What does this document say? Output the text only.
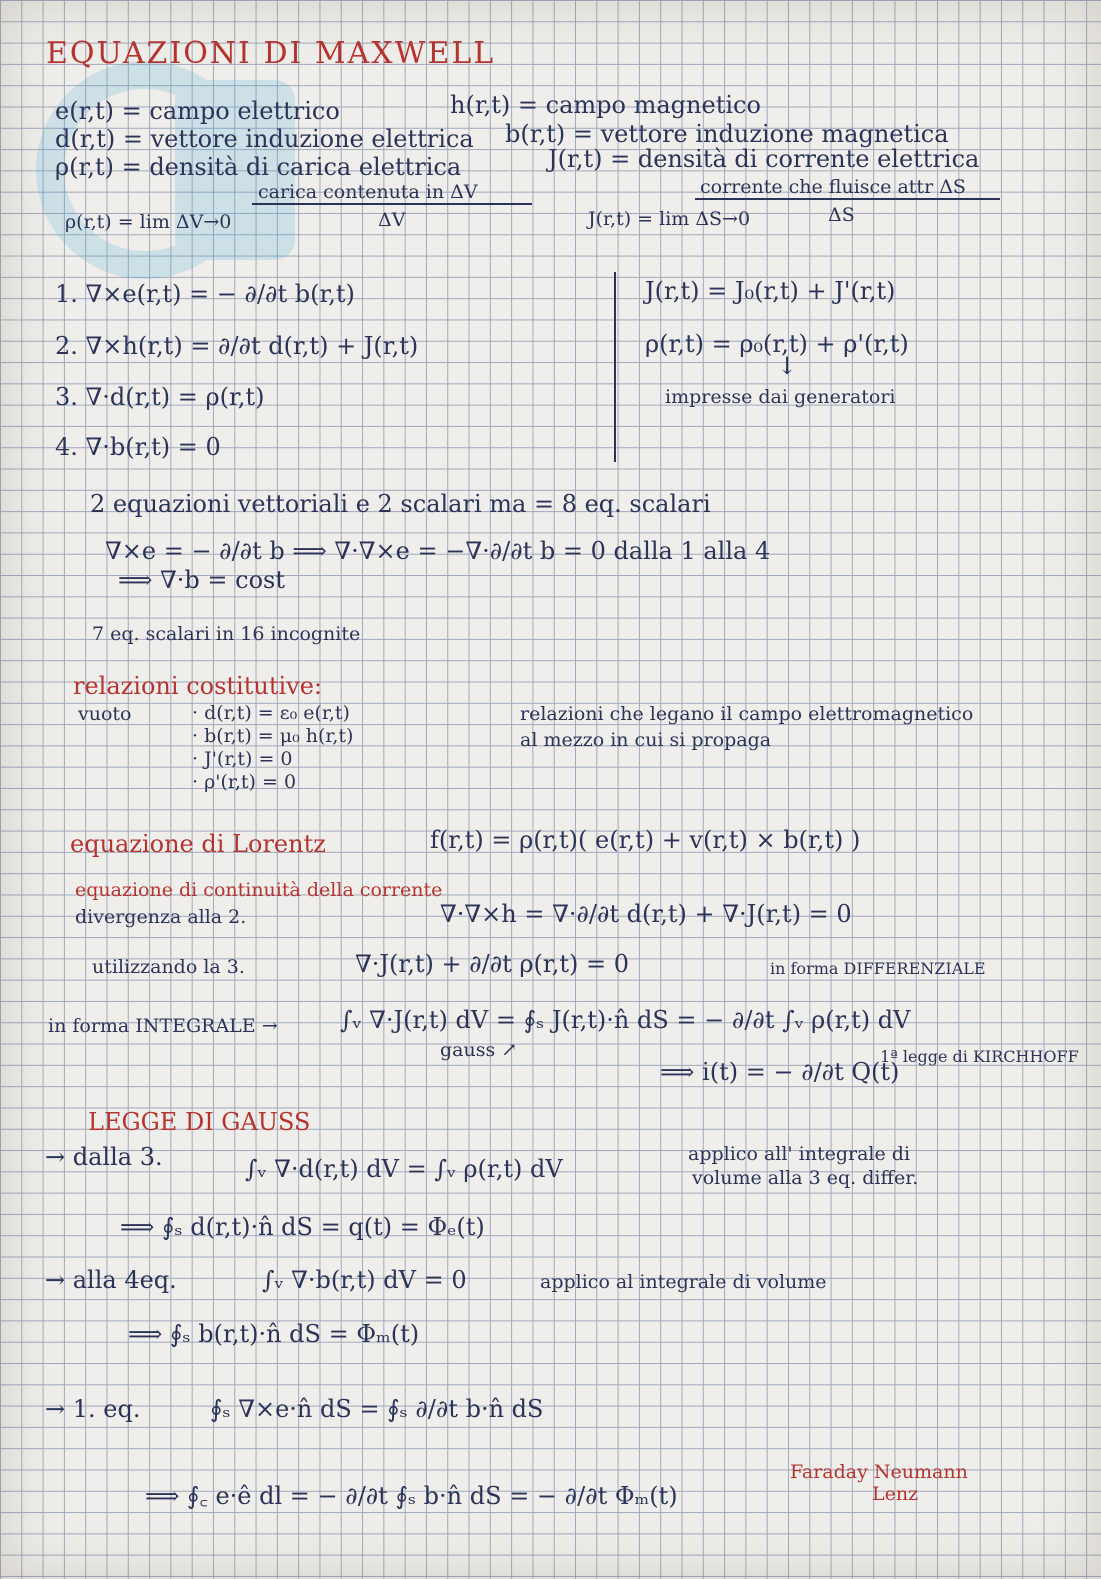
EQUAZIONI DI MAXWELL
e(r,t) = campo elettrico	h(r,t) = campo magnetico
d(r,t) = vettore induzione elettrica b(r,t) = vettore induzione magnetica
ρ(r,t) = densità di carica elettrica	J(r,t) = densità di corrente elettrica
ρ(r,t) = lim ΔV→0
carica contenuta in ΔV
ΔV	J(r,t) = lim ΔS→0
corrente che fluisce attr ΔS
ΔS
1. ∇×e(r,t) = − ∂/∂t b(r,t)
2. ∇×h(r,t) = ∂/∂t d(r,t) + J(r,t)
3. ∇·d(r,t) = ρ(r,t)
4. ∇·b(r,t) = 0
J(r,t) = J₀(r,t) + J'(r,t)
ρ(r,t) = ρ₀(r,t) + ρ'(r,t)
↓
impresse dai generatori
2 equazioni vettoriali e 2 scalari ma = 8 eq. scalari
∇×e = − ∂/∂t b ⟹ ∇·∇×e = −∇·∂/∂t b = 0 dalla 1 alla 4
⟹ ∇·b = cost
7 eq. scalari in 16 incognite
relazioni costitutive:
vuoto	· d(r,t) = ε₀ e(r,t)
· b(r,t) = μ₀ h(r,t)
· J'(r,t) = 0
· ρ'(r,t) = 0
relazioni che legano il campo elettromagnetico
al mezzo in cui si propaga
equazione di Lorentz	f(r,t) = ρ(r,t)( e(r,t) + v(r,t) × b(r,t) )
equazione di continuità della corrente
divergenza alla 2.	∇·∇×h = ∇·∂/∂t d(r,t) + ∇·J(r,t) = 0
utilizzando la 3.	∇·J(r,t) + ∂/∂t ρ(r,t) = 0	in forma DIFFERENZIALE
in forma INTEGRALE →	∫ᵥ ∇·J(r,t) dV = ∮ₛ J(r,t)·n̂ dS = − ∂/∂t ∫ᵥ ρ(r,t) dV
gauss ↗
⟹ i(t) = − ∂/∂t Q(t)
1ª legge di KIRCHHOFF
LEGGE DI GAUSS
→ dalla 3.	∫ᵥ ∇·d(r,t) dV = ∫ᵥ ρ(r,t) dV
applico all' integrale di
volume alla 3 eq. differ.
⟹ ∮ₛ d(r,t)·n̂ dS = q(t) = Φₑ(t)
→ alla 4eq.	∫ᵥ ∇·b(r,t) dV = 0	applico al integrale di volume
⟹ ∮ₛ b(r,t)·n̂ dS = Φₘ(t)
→ 1. eq.	∮ₛ ∇×e·n̂ dS = ∮ₛ ∂/∂t b·n̂ dS
⟹ ∮꜀ e·ê dl = − ∂/∂t ∮ₛ b·n̂ dS = − ∂/∂t Φₘ(t)
Faraday Neumann
Lenz
